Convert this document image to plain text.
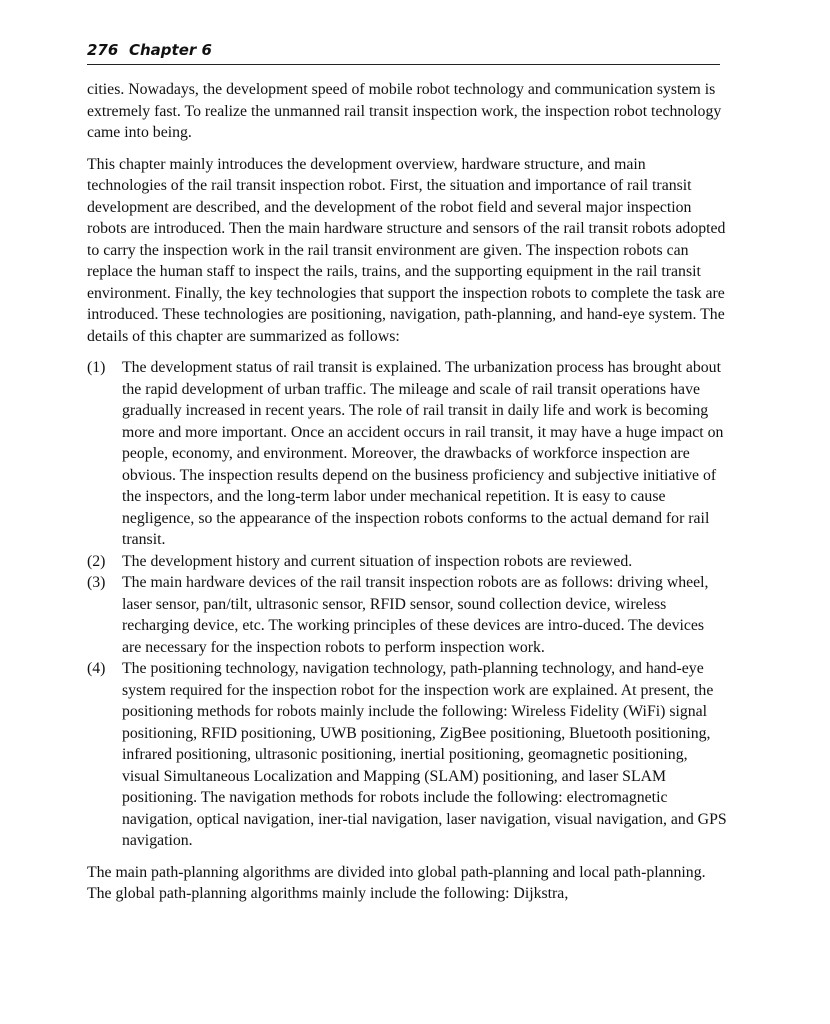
276 Chapter 6

cities. Nowadays, the development speed of mobile robot technology and communication system is extremely fast. To realize the unmanned rail transit inspection work, the inspection robot technology came into being.

This chapter mainly introduces the development overview, hardware structure, and main technologies of the rail transit inspection robot. First, the situation and importance of rail transit development are described, and the development of the robot field and several major inspection robots are introduced. Then the main hardware structure and sensors of the rail transit robots adopted to carry the inspection work in the rail transit environment are given. The inspection robots can replace the human staff to inspect the rails, trains, and the supporting equipment in the rail transit environment. Finally, the key technologies that support the inspection robots to complete the task are introduced. These technologies are positioning, navigation, path-planning, and hand-eye system. The details of this chapter are summarized as follows:

(1) The development status of rail transit is explained. The urbanization process has brought about the rapid development of urban traffic. The mileage and scale of rail transit operations have gradually increased in recent years. The role of rail transit in daily life and work is becoming more and more important. Once an accident occurs in rail transit, it may have a huge impact on people, economy, and environment. Moreover, the drawbacks of workforce inspection are obvious. The inspection results depend on the business proficiency and subjective initiative of the inspectors, and the long-term labor under mechanical repetition. It is easy to cause negligence, so the appearance of the inspection robots conforms to the actual demand for rail transit.
(2) The development history and current situation of inspection robots are reviewed.
(3) The main hardware devices of the rail transit inspection robots are as follows: driving wheel, laser sensor, pan/tilt, ultrasonic sensor, RFID sensor, sound collection device, wireless recharging device, etc. The working principles of these devices are intro-duced. The devices are necessary for the inspection robots to perform inspection work.
(4) The positioning technology, navigation technology, path-planning technology, and hand-eye system required for the inspection robot for the inspection work are explained. At present, the positioning methods for robots mainly include the following: Wireless Fidelity (WiFi) signal positioning, RFID positioning, UWB positioning, ZigBee positioning, Bluetooth positioning, infrared positioning, ultrasonic positioning, inertial positioning, geomagnetic positioning, visual Simultaneous Localization and Mapping (SLAM) positioning, and laser SLAM positioning. The navigation methods for robots include the following: electromagnetic navigation, optical navigation, iner-tial navigation, laser navigation, visual navigation, and GPS navigation.

The main path-planning algorithms are divided into global path-planning and local path-planning. The global path-planning algorithms mainly include the following: Dijkstra,
